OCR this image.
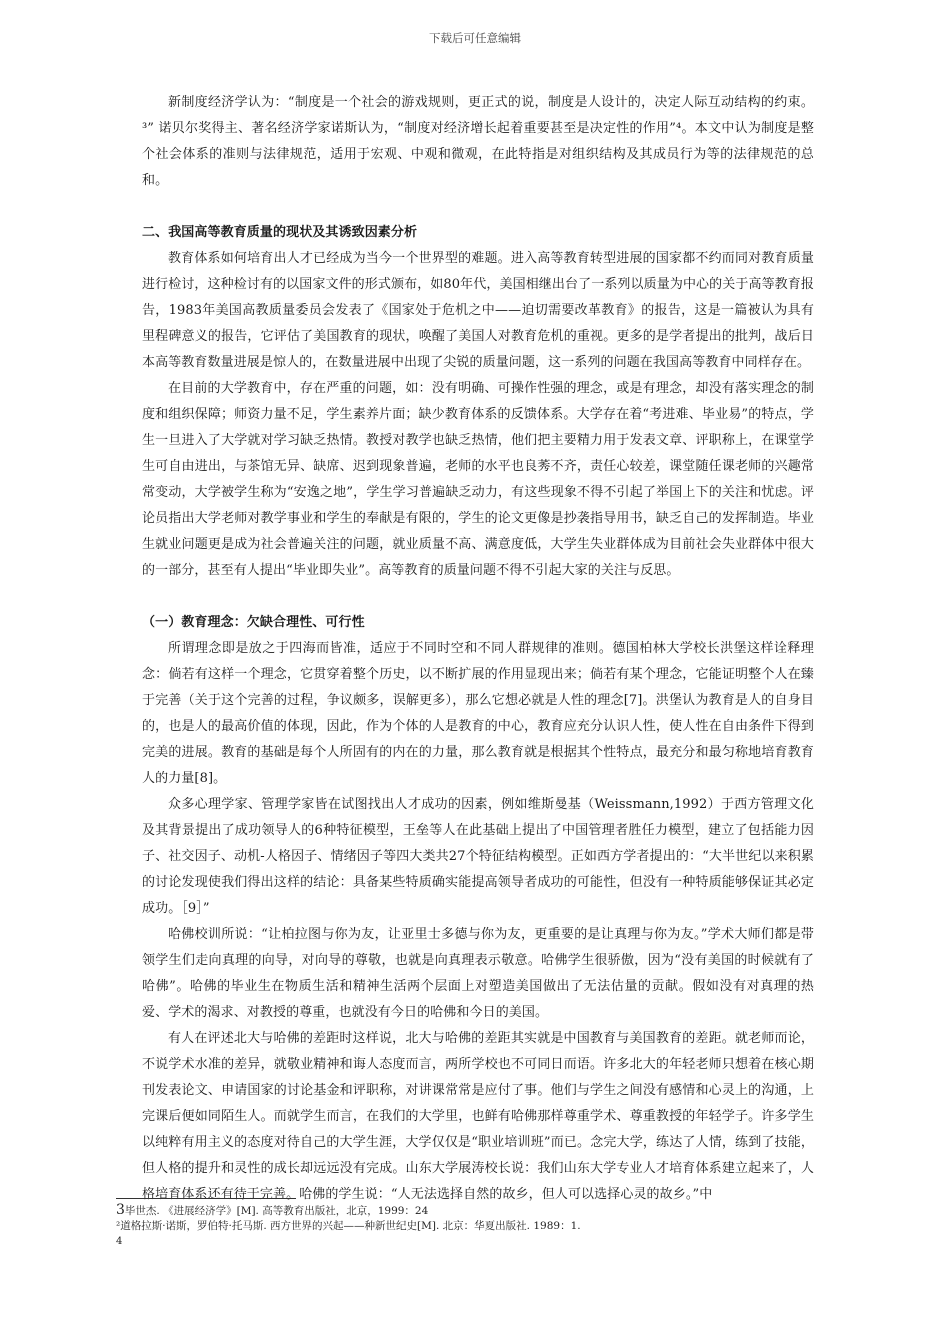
下载后可任意编辑

新制度经济学认为：“制度是一个社会的游戏规则，更正式的说，制度是人设计的，决定人际互动结构的约束。³” 诺贝尔奖得主、著名经济学家诺斯认为，“制度对经济增长起着重要甚至是决定性的作用”⁴。本文中认为制度是整个社会体系的准则与法律规范，适用于宏观、中观和微观，在此特指是对组织结构及其成员行为等的法律规范的总和。

二、我国高等教育质量的现状及其诱致因素分析

教育体系如何培育出人才已经成为当今一个世界型的难题。进入高等教育转型进展的国家都不约而同对教育质量进行检讨，这种检讨有的以国家文件的形式颁布，如80年代，美国相继出台了一系列以质量为中心的关于高等教育报告，1983年美国高教质量委员会发表了《国家处于危机之中——迫切需要改革教育》的报告，这是一篇被认为具有里程碑意义的报告，它评估了美国教育的现状，唤醒了美国人对教育危机的重视。更多的是学者提出的批判，战后日本高等教育数量进展是惊人的，在数量进展中出现了尖锐的质量问题，这一系列的问题在我国高等教育中同样存在。

在目前的大学教育中，存在严重的问题，如：没有明确、可操作性强的理念，或是有理念，却没有落实理念的制度和组织保障；师资力量不足，学生素养片面；缺少教育体系的反馈体系。大学存在着“考进难、毕业易”的特点，学生一旦进入了大学就对学习缺乏热情。教授对教学也缺乏热情，他们把主要精力用于发表文章、评职称上，在课堂学生可自由进出，与茶馆无异、缺席、迟到现象普遍，老师的水平也良莠不齐，责任心较差，课堂随任课老师的兴趣常常变动，大学被学生称为“安逸之地”，学生学习普遍缺乏动力，有这些现象不得不引起了举国上下的关注和忧虑。评论员指出大学老师对教学事业和学生的奉献是有限的，学生的论文更像是抄袭指导用书，缺乏自己的发挥制造。毕业生就业问题更是成为社会普遍关注的问题，就业质量不高、满意度低，大学生失业群体成为目前社会失业群体中很大的一部分，甚至有人提出“毕业即失业”。高等教育的质量问题不得不引起大家的关注与反思。

（一）教育理念：欠缺合理性、可行性

所谓理念即是放之于四海而皆准，适应于不同时空和不同人群规律的准则。德国柏林大学校长洪堡这样诠释理念：倘若有这样一个理念，它贯穿着整个历史，以不断扩展的作用显现出来；倘若有某个理念，它能证明整个人在臻于完善（关于这个完善的过程，争议颇多，误解更多），那么它想必就是人性的理念[7]。洪堡认为教育是人的自身目的，也是人的最高价值的体现，因此，作为个体的人是教育的中心，教育应充分认识人性，使人性在自由条件下得到完美的进展。教育的基础是每个人所固有的内在的力量，那么教育就是根据其个性特点，最充分和最匀称地培育教育人的力量[8]。

众多心理学家、管理学家皆在试图找出人才成功的因素，例如维斯曼基（Weissmann,1992）于西方管理文化及其背景提出了成功领导人的6种特征模型，王垒等人在此基础上提出了中国管理者胜任力模型，建立了包括能力因子、社交因子、动机-人格因子、情绪因子等四大类共27个特征结构模型。正如西方学者提出的：“大半世纪以来积累的讨论发现使我们得出这样的结论：具备某些特质确实能提高领导者成功的可能性，但没有一种特质能够保证其必定成功。［9］”

哈佛校训所说：“让柏拉图与你为友，让亚里士多德与你为友，更重要的是让真理与你为友。”学术大师们都是带领学生们走向真理的向导，对向导的尊敬，也就是向真理表示敬意。哈佛学生很骄傲，因为“没有美国的时候就有了哈佛”。哈佛的毕业生在物质生活和精神生活两个层面上对塑造美国做出了无法估量的贡献。假如没有对真理的热爱、学术的渴求、对教授的尊重，也就没有今日的哈佛和今日的美国。

有人在评述北大与哈佛的差距时这样说，北大与哈佛的差距其实就是中国教育与美国教育的差距。就老师而论，不说学术水准的差异，就敬业精神和诲人态度而言，两所学校也不可同日而语。许多北大的年轻老师只想着在核心期刊发表论文、申请国家的讨论基金和评职称，对讲课常常是应付了事。他们与学生之间没有感情和心灵上的沟通，上完课后便如同陌生人。而就学生而言，在我们的大学里，也鲜有哈佛那样尊重学术、尊重教授的年轻学子。许多学生以纯粹有用主义的态度对待自己的大学生涯，大学仅仅是“职业培训班”而已。念完大学，练达了人情，练到了技能，但人格的提升和灵性的成长却远远没有完成。山东大学展涛校长说：我们山东大学专业人才培育体系建立起来了，人格培育体系还有待于完善。哈佛的学生说：“人无法选择自然的故乡，但人可以选择心灵的故乡。”中

3毕世杰. 《进展经济学》[M]. 高等教育出版社，北京，1999：24

²道格拉斯·诺斯，罗伯特·托马斯. 西方世界的兴起——种新世纪史[M]. 北京：华夏出版社. 1989：1.

4
